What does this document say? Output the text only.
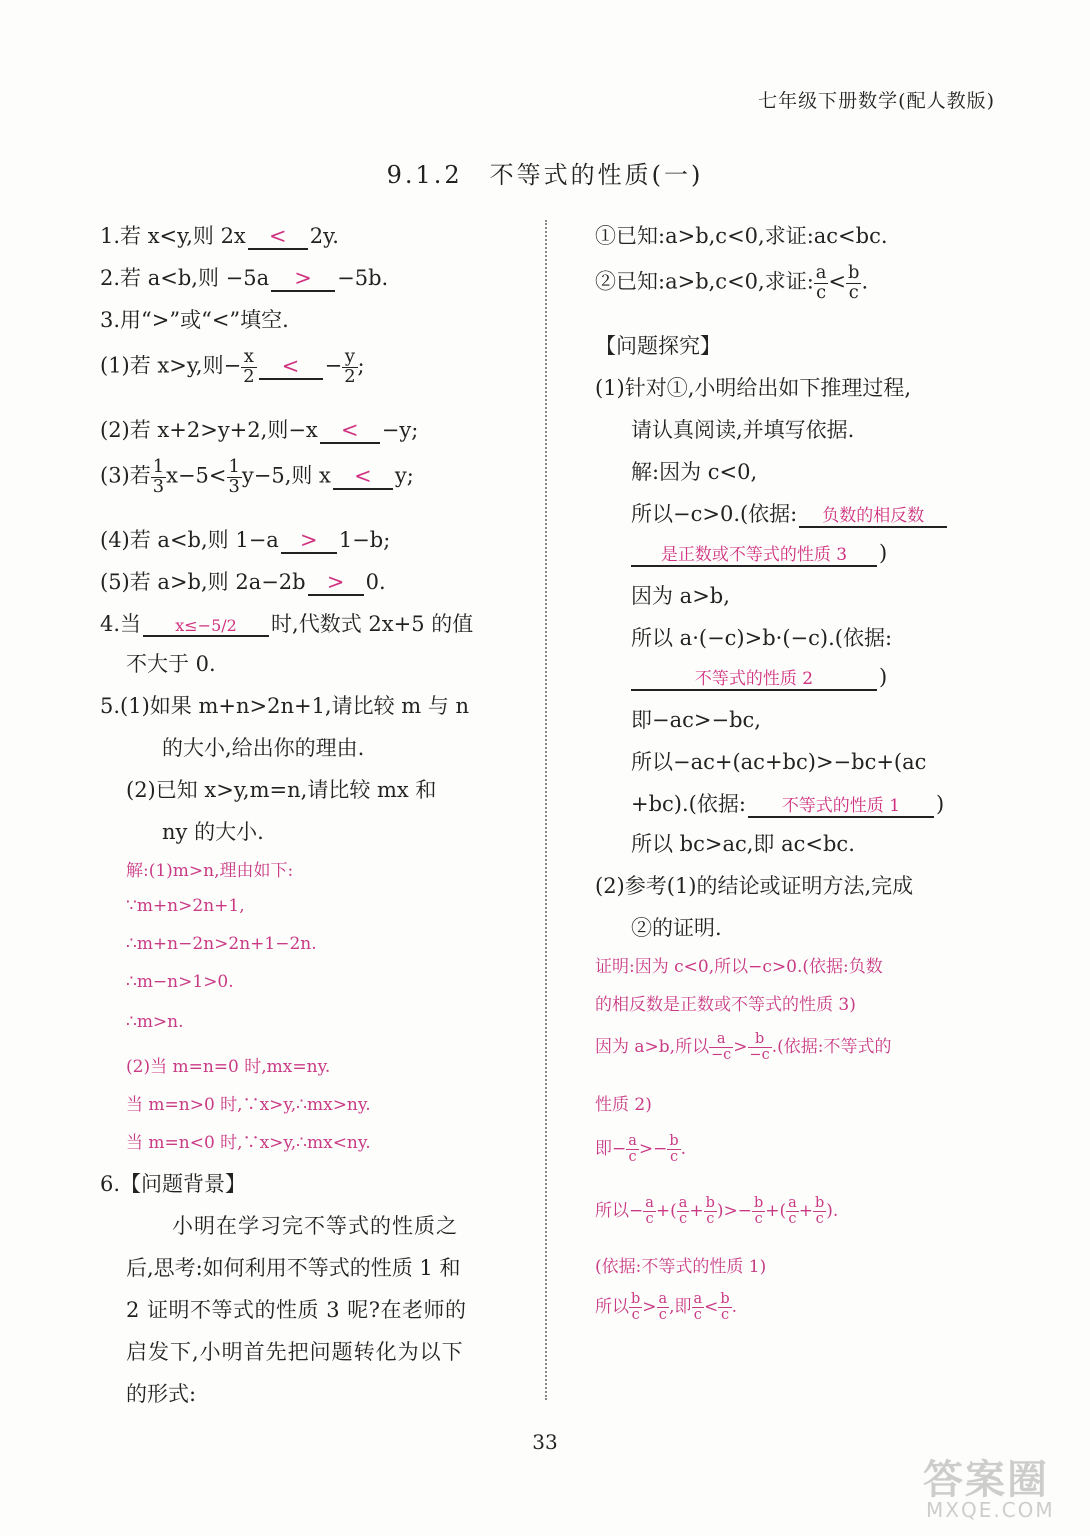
七年级下册数学(配人教版)
9.1.2　不等式的性质(一)
1.若 x<y,则 2x < 2y.
2.若 a<b,则 −5a > −5b.
3.用“>”或“<”填空.
(1)若 x>y,则− $\frac{x}{2}$ < − $\frac{y}{2}$ ;
(2)若 x+2>y+2,则−x < −y;
(3)若 $\frac{1}{3} x-5< \frac{1}{3} y-5$,则 x < y;
(4)若 a<b,则 1−a > 1−b;
(5)若 a>b,则 2a−2b > 0.
4.当 x≤−5/2 时,代数式 2x+5 的值
不大于 0.
5.(1)如果 m+n>2n+1,请比较 m 与 n
的大小,给出你的理由.
(2)已知 x>y,m=n,请比较 mx 和
ny 的大小.
解:(1)m>n,理由如下:
∵m+n>2n+1,
∴m+n−2n>2n+1−2n.
∴m−n>1>0.
∴m>n.
(2)当 m=n=0 时,mx=ny.
当 m=n>0 时,∵x>y,∴mx>ny.
当 m=n<0 时,∵x>y,∴mx<ny.
6.【问题背景】
小明在学习完不等式的性质之
后,思考:如何利用不等式的性质 1 和
2 证明不等式的性质 3 呢?在老师的
启发下,小明首先把问题转化为以下
的形式:
①已知:a>b,c<0,求证:ac<bc.
②已知:a>b,c<0,求证: $\frac{a}{c} < \frac{b}{c}$ .
【问题探究】
(1)针对①,小明给出如下推理过程,
请认真阅读,并填写依据.
解:因为 c<0,
所以−c>0.(依据: 负数的相反数
是正数或不等式的性质 3 )
因为 a>b,
所以 a·(−c)>b·(−c).(依据:
不等式的性质 2	)
即−ac>−bc,
所以−ac+(ac+bc)>−bc+(ac
+bc).(依据: 不等式的性质 1 )
所以 bc>ac,即 ac<bc.
(2)参考(1)的结论或证明方法,完成
②的证明.
证明:因为 c<0,所以−c>0.(依据:负数
的相反数是正数或不等式的性质 3)
因为 a>b,所以 $\frac{a}{-c} > \frac{b}{-c}$ .(依据:不等式的
性质 2)
即− $\frac{a}{c} >- \frac{b}{c}$ .
所以− $\frac{a}{c}$ +( $\frac{a}{c} + \frac{b}{c}$ )>− $\frac{b}{c}$ +( $\frac{a}{c} + \frac{b}{c}$ ).
(依据:不等式的性质 1)
所以 $\frac{b}{c} > \frac{a}{c}$ ,即 $\frac{a}{c} < \frac{b}{c}$ .
33
答案圈
MXQE.COM
